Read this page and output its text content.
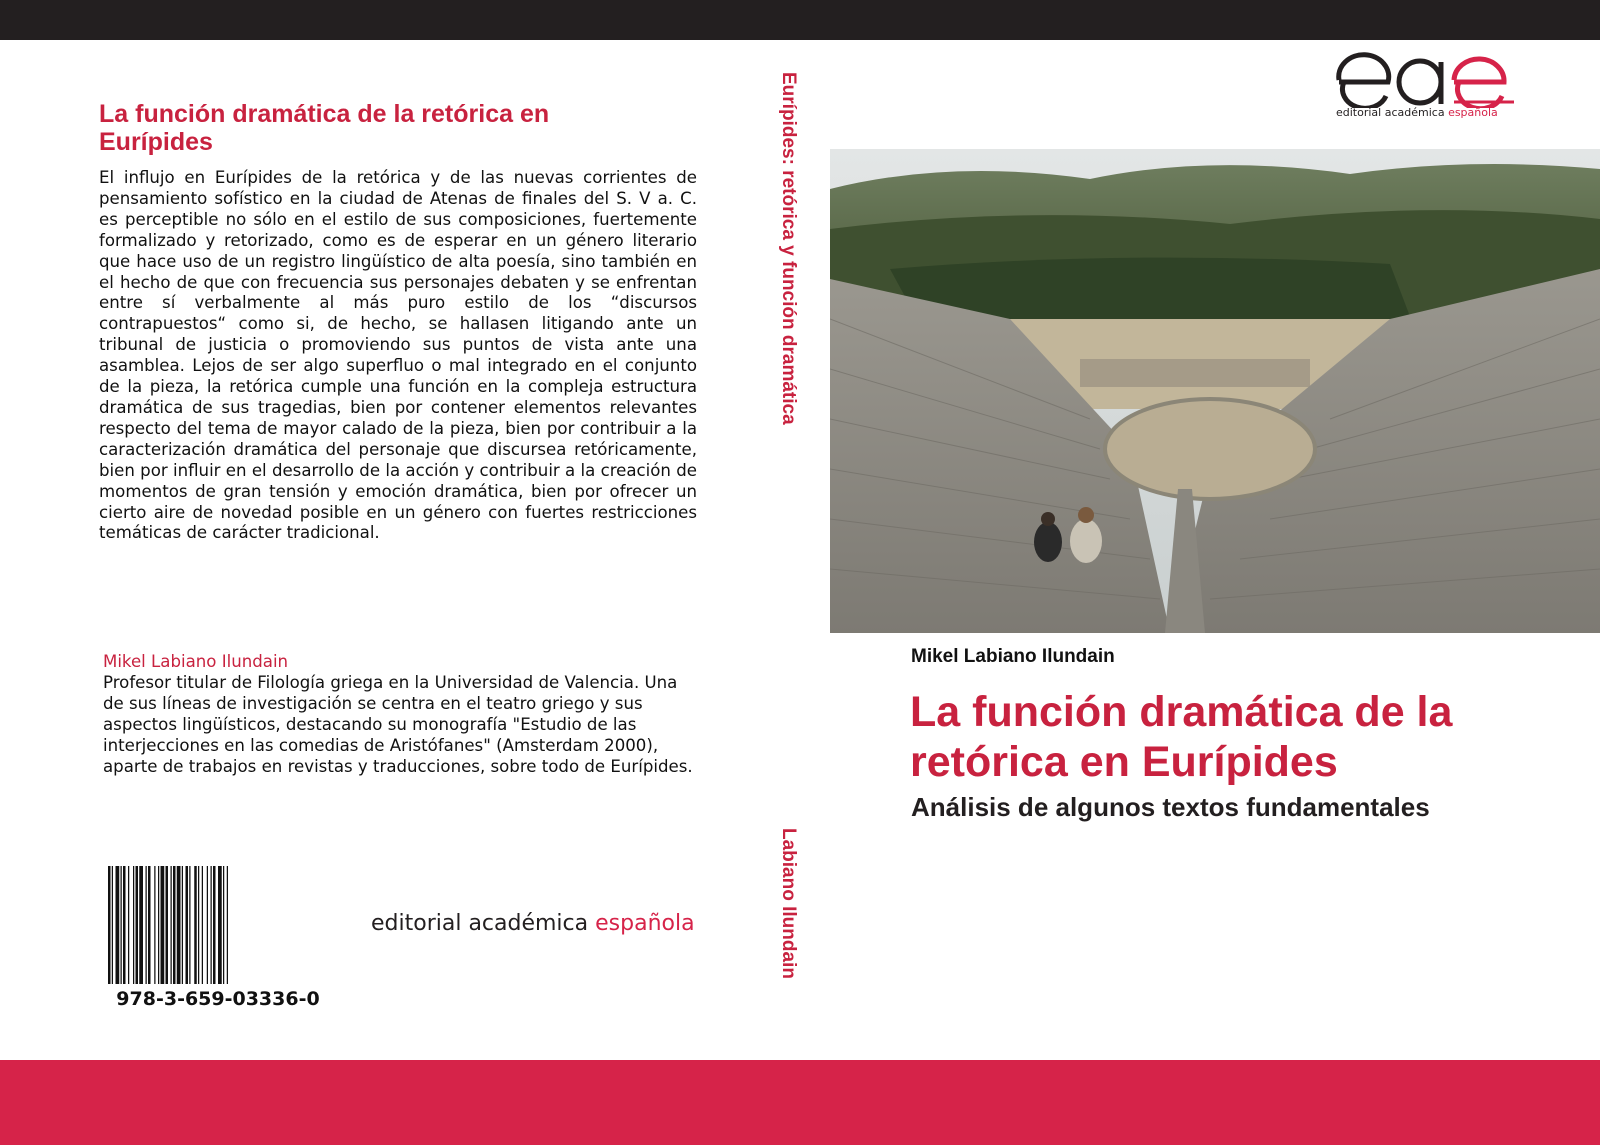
La función dramática de la retórica en Eurípides

El influjo en Eurípides de la retórica y de las nuevas corrientes de pensamiento sofístico en la ciudad de Atenas de finales del S. V a. C. es perceptible no sólo en el estilo de sus composiciones, fuertemente formalizado y retorizado, como es de esperar en un género literario que hace uso de un registro lingüístico de alta poesía, sino también en el hecho de que con frecuencia sus personajes debaten y se enfrentan entre sí verbalmente al más puro estilo de los “discursos contrapuestos“ como si, de hecho, se hallasen litigando ante un tribunal de justicia o promoviendo sus puntos de vista ante una asamblea. Lejos de ser algo superfluo o mal integrado en el conjunto de la pieza, la retórica cumple una función en la compleja estructura dramática de sus tragedias, bien por contener elementos relevantes respecto del tema de mayor calado de la pieza, bien por contribuir a la caracterización dramática del personaje que discursea retóricamente, bien por influir en el desarrollo de la acción y contribuir a la creación de momentos de gran tensión y emoción dramática, bien por ofrecer un cierto aire de novedad posible en un género con fuertes restricciones temáticas de carácter tradicional.

Mikel Labiano Ilundain

Profesor titular de Filología griega en la Universidad de Valencia. Una de sus líneas de investigación se centra en el teatro griego y sus aspectos lingüísticos, destacando su monografía "Estudio de las interjecciones en las comedias de Aristófanes" (Amsterdam 2000), aparte de trabajos en revistas y traducciones, sobre todo de Eurípides.

978-3-659-03336-0
editorial académica española
Eurípides: retórica y función dramática
Labiano Ilundain
editorial académica española
Mikel Labiano Ilundain
La función dramática de la retórica en Eurípides
Análisis de algunos textos fundamentales
